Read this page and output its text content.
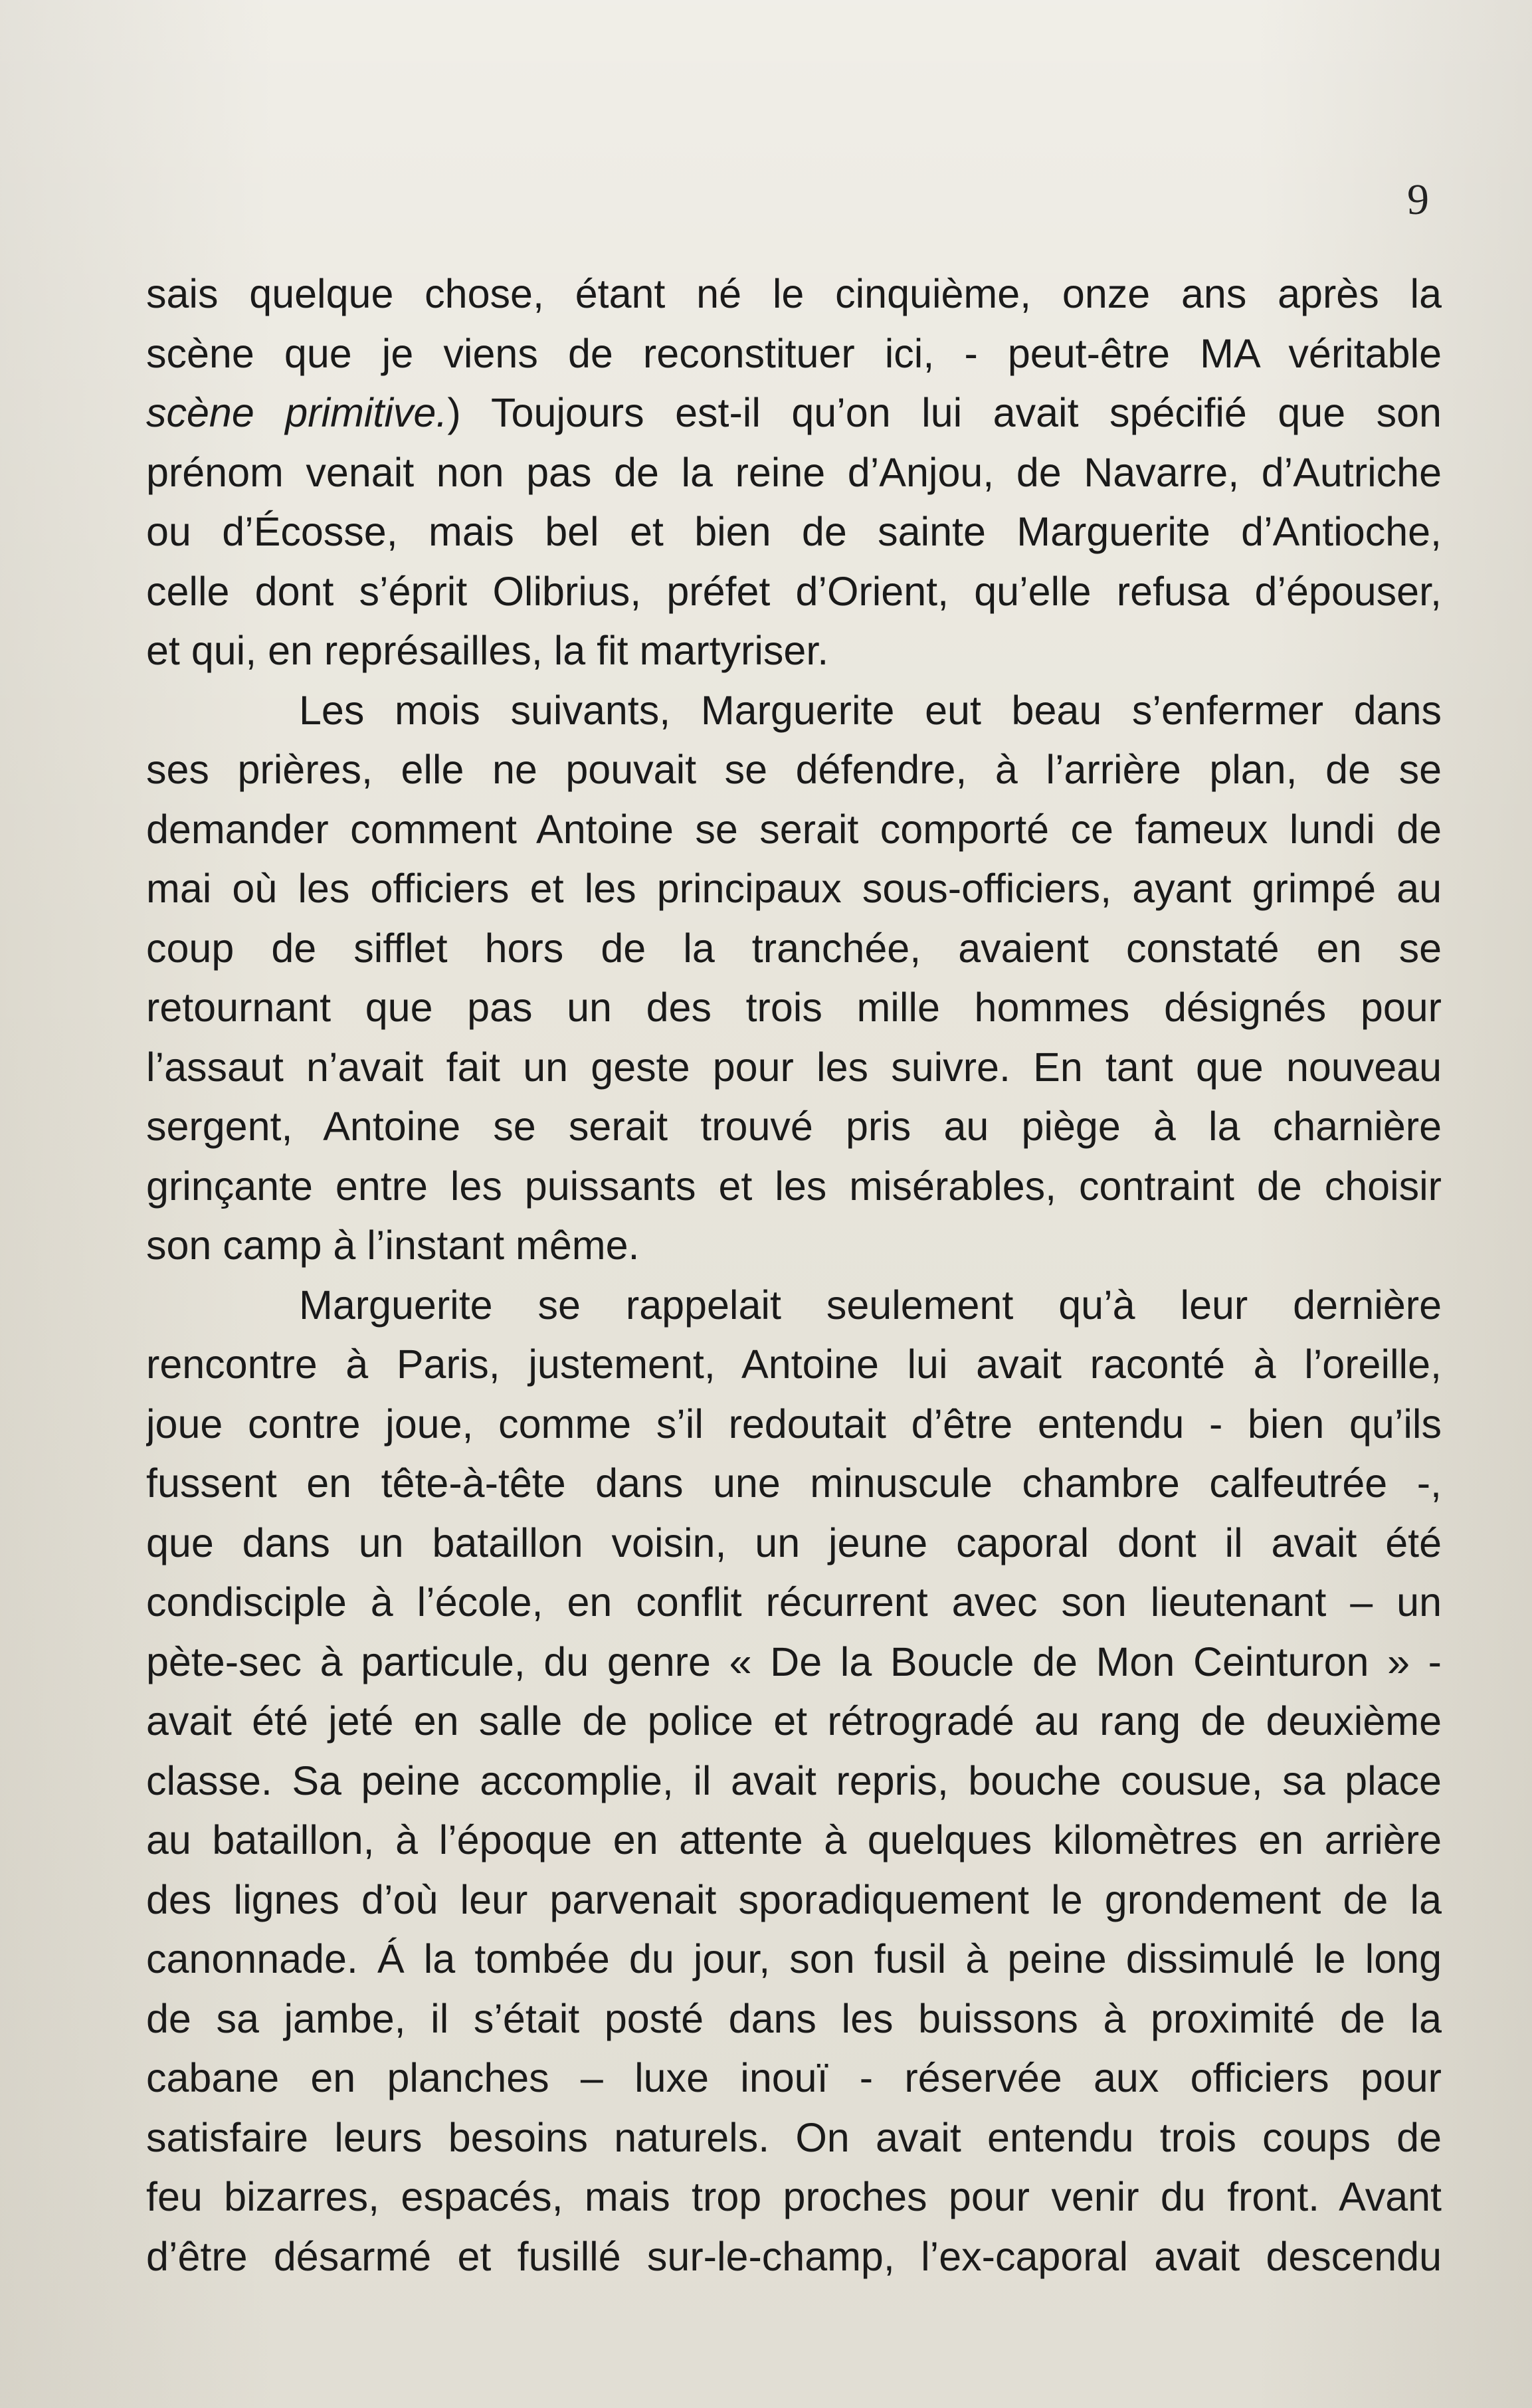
9
sais quelque chose, étant né le cinquième, onze ans après la
scène que je viens de reconstituer ici, - peut-être MA véritable
scène primitive.) Toujours est-il qu’on lui avait spécifié que son
prénom venait non pas de la reine d’Anjou, de Navarre, d’Autriche
ou d’Écosse, mais bel et bien de sainte Marguerite d’Antioche,
celle dont s’éprit Olibrius, préfet d’Orient, qu’elle refusa d’épouser,
et qui, en représailles, la fit martyriser.
Les mois suivants, Marguerite eut beau s’enfermer dans
ses prières, elle ne pouvait se défendre, à l’arrière plan, de se
demander comment Antoine se serait comporté ce fameux lundi de
mai où les officiers et les principaux sous-officiers, ayant grimpé au
coup de sifflet hors de la tranchée, avaient constaté en se
retournant que pas un des trois mille hommes désignés pour
l’assaut n’avait fait un geste pour les suivre. En tant que nouveau
sergent, Antoine se serait trouvé pris au piège à la charnière
grinçante entre les puissants et les misérables, contraint de choisir
son camp à l’instant même.
Marguerite se rappelait seulement qu’à leur dernière
rencontre à Paris, justement, Antoine lui avait raconté à l’oreille,
joue contre joue, comme s’il redoutait d’être entendu - bien qu’ils
fussent en tête-à-tête dans une minuscule chambre calfeutrée -,
que dans un bataillon voisin, un jeune caporal dont il avait été
condisciple à l’école, en conflit récurrent avec son lieutenant – un
pète-sec à particule, du genre « De la Boucle de Mon Ceinturon » -
avait été jeté en salle de police et rétrogradé au rang de deuxième
classe. Sa peine accomplie, il avait repris, bouche cousue, sa place
au bataillon, à l’époque en attente à quelques kilomètres en arrière
des lignes d’où leur parvenait sporadiquement le grondement de la
canonnade. Á la tombée du jour, son fusil à peine dissimulé le long
de sa jambe, il s’était posté dans les buissons à proximité de la
cabane en planches – luxe inouï - réservée aux officiers pour
satisfaire leurs besoins naturels. On avait entendu trois coups de
feu bizarres, espacés, mais trop proches pour venir du front. Avant
d’être désarmé et fusillé sur-le-champ, l’ex-caporal avait descendu
